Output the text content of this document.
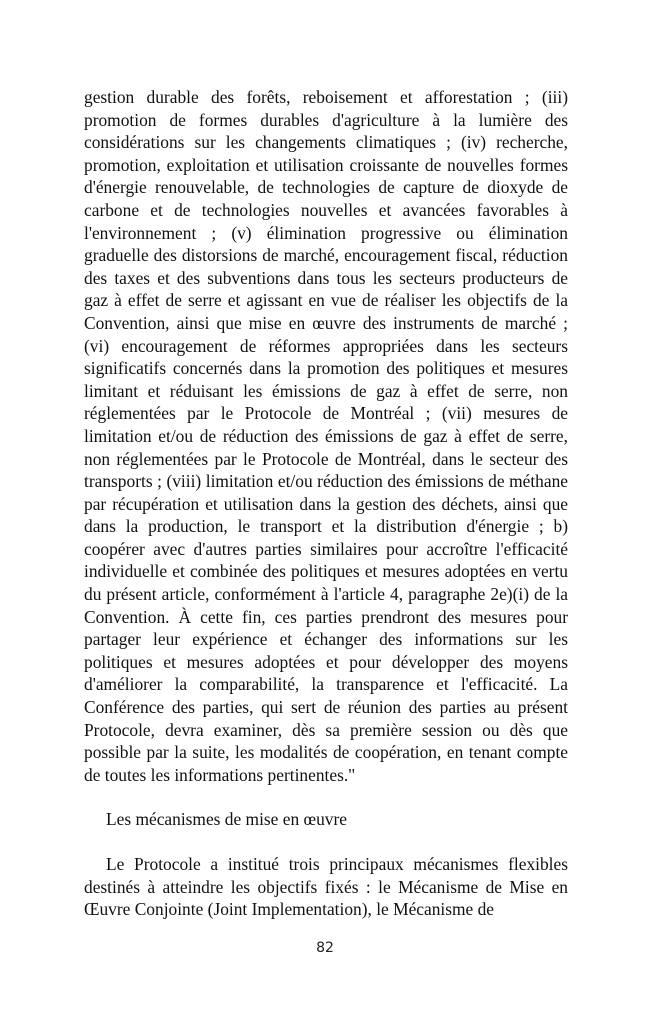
gestion durable des forêts, reboisement et afforestation ; (iii) promotion de formes durables d'agriculture à la lumière des considérations sur les changements climatiques ; (iv) recherche, promotion, exploitation et utilisation croissante de nouvelles formes d'énergie renouvelable, de technologies de capture de dioxyde de carbone et de technologies nouvelles et avancées favorables à l'environnement ; (v) élimination progressive ou élimination graduelle des distorsions de marché, encouragement fiscal, réduction des taxes et des subventions dans tous les secteurs producteurs de gaz à effet de serre et agissant en vue de réaliser les objectifs de la Convention, ainsi que mise en œuvre des instruments de marché ; (vi) encouragement de réformes appropriées dans les secteurs significatifs concernés dans la promotion des politiques et mesures limitant et réduisant les émissions de gaz à effet de serre, non réglementées par le Protocole de Montréal ; (vii) mesures de limitation et/ou de réduction des émissions de gaz à effet de serre, non réglementées par le Protocole de Montréal, dans le secteur des transports ; (viii) limitation et/ou réduction des émissions de méthane par récupération et utilisation dans la gestion des déchets, ainsi que dans la production, le transport et la distribution d'énergie ; b) coopérer avec d'autres parties similaires pour accroître l'efficacité individuelle et combinée des politiques et mesures adoptées en vertu du présent article, conformément à l'article 4, paragraphe 2e)(i) de la Convention. À cette fin, ces parties prendront des mesures pour partager leur expérience et échanger des informations sur les politiques et mesures adoptées et pour développer des moyens d'améliorer la comparabilité, la transparence et l'efficacité. La Conférence des parties, qui sert de réunion des parties au présent Protocole, devra examiner, dès sa première session ou dès que possible par la suite, les modalités de coopération, en tenant compte de toutes les informations pertinentes."

Les mécanismes de mise en œuvre

Le Protocole a institué trois principaux mécanismes flexibles destinés à atteindre les objectifs fixés : le Mécanisme de Mise en Œuvre Conjointe (Joint Implementation), le Mécanisme de

82
